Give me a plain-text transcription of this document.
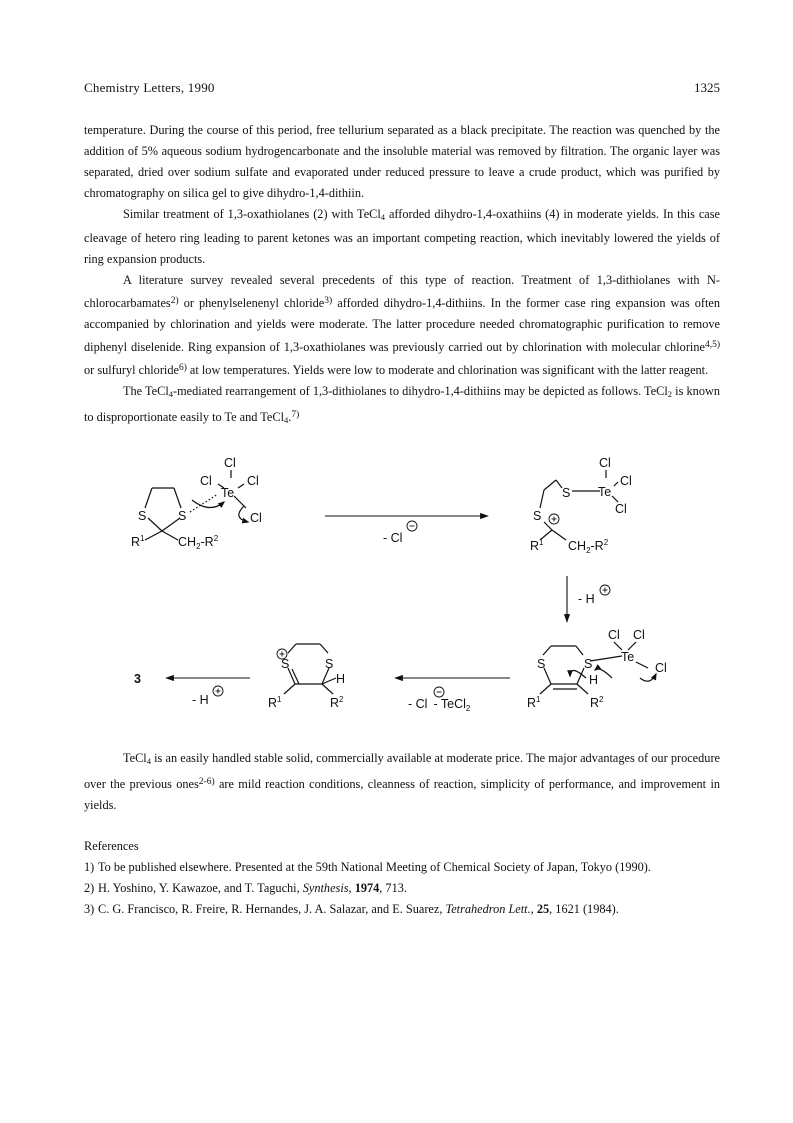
Chemistry Letters, 1990	1325

temperature. During the course of this period, free tellurium separated as a black precipitate. The reaction was quenched by the addition of 5% aqueous sodium hydrogencarbonate and the insoluble material was removed by filtration. The organic layer was separated, dried over sodium sulfate and evaporated under reduced pressure to leave a crude product, which was purified by chromatography on silica gel to give dihydro-1,4-dithiin.

Similar treatment of 1,3-oxathiolanes (2) with TeCl$_4$ afforded dihydro-1,4-oxathiins (4) in moderate yields. In this case cleavage of hetero ring leading to parent ketones was an important competing reaction, which inevitably lowered the yields of ring expansion products.

A literature survey revealed several precedents of this type of reaction. Treatment of 1,3-dithiolanes with N-chlorocarbamates$^{2)}$ or phenylselenenyl chloride$^{3)}$ afforded dihydro-1,4-dithiins. In the former case ring expansion was often accompanied by chlorination and yields were moderate. The latter procedure needed chromatographic purification to remove diphenyl diselenide. Ring expansion of 1,3-oxathiolanes was previously carried out by chlorination with molecular chlorine$^{4,5)}$ or sulfuryl chloride$^{6)}$ at low temperatures. Yields were low to moderate and chlorination was significant with the latter reagent.

The TeCl$_4$-mediated rearrangement of 1,3-dithiolanes to dihydro-1,4-dithiins may be depicted as follows. TeCl$_2$ is known to disproportionate easily to Te and TeCl$_4$.$^{7)}$

Cl
Cl	Cl
Te
Cl
S	S
$R^1$	$CH_2-R^2$	- Cl
Cl
Cl
Te
Cl
S
S
$R^1$ $CH_2-R^2$
- H
Cl Cl
Te
Cl
S	S
H
$R^1$	$R^2$
- Cl - TeCl$_2$
S	S
H
$R^1$	$R^2$
- H
3

TeCl$_4$ is an easily handled stable solid, commercially available at moderate price. The major advantages of our procedure over the previous ones$^{2-6)}$ are mild reaction conditions, cleanness of reaction, simplicity of performance, and improvement in yields.

References
1) To be published elsewhere. Presented at the 59th National Meeting of Chemical Society of Japan, Tokyo (1990).
2) H. Yoshino, Y. Kawazoe, and T. Taguchi, Synthesis, 1974, 713.
3) C. G. Francisco, R. Freire, R. Hernandes, J. A. Salazar, and E. Suarez, Tetrahedron Lett., 25, 1621 (1984).
